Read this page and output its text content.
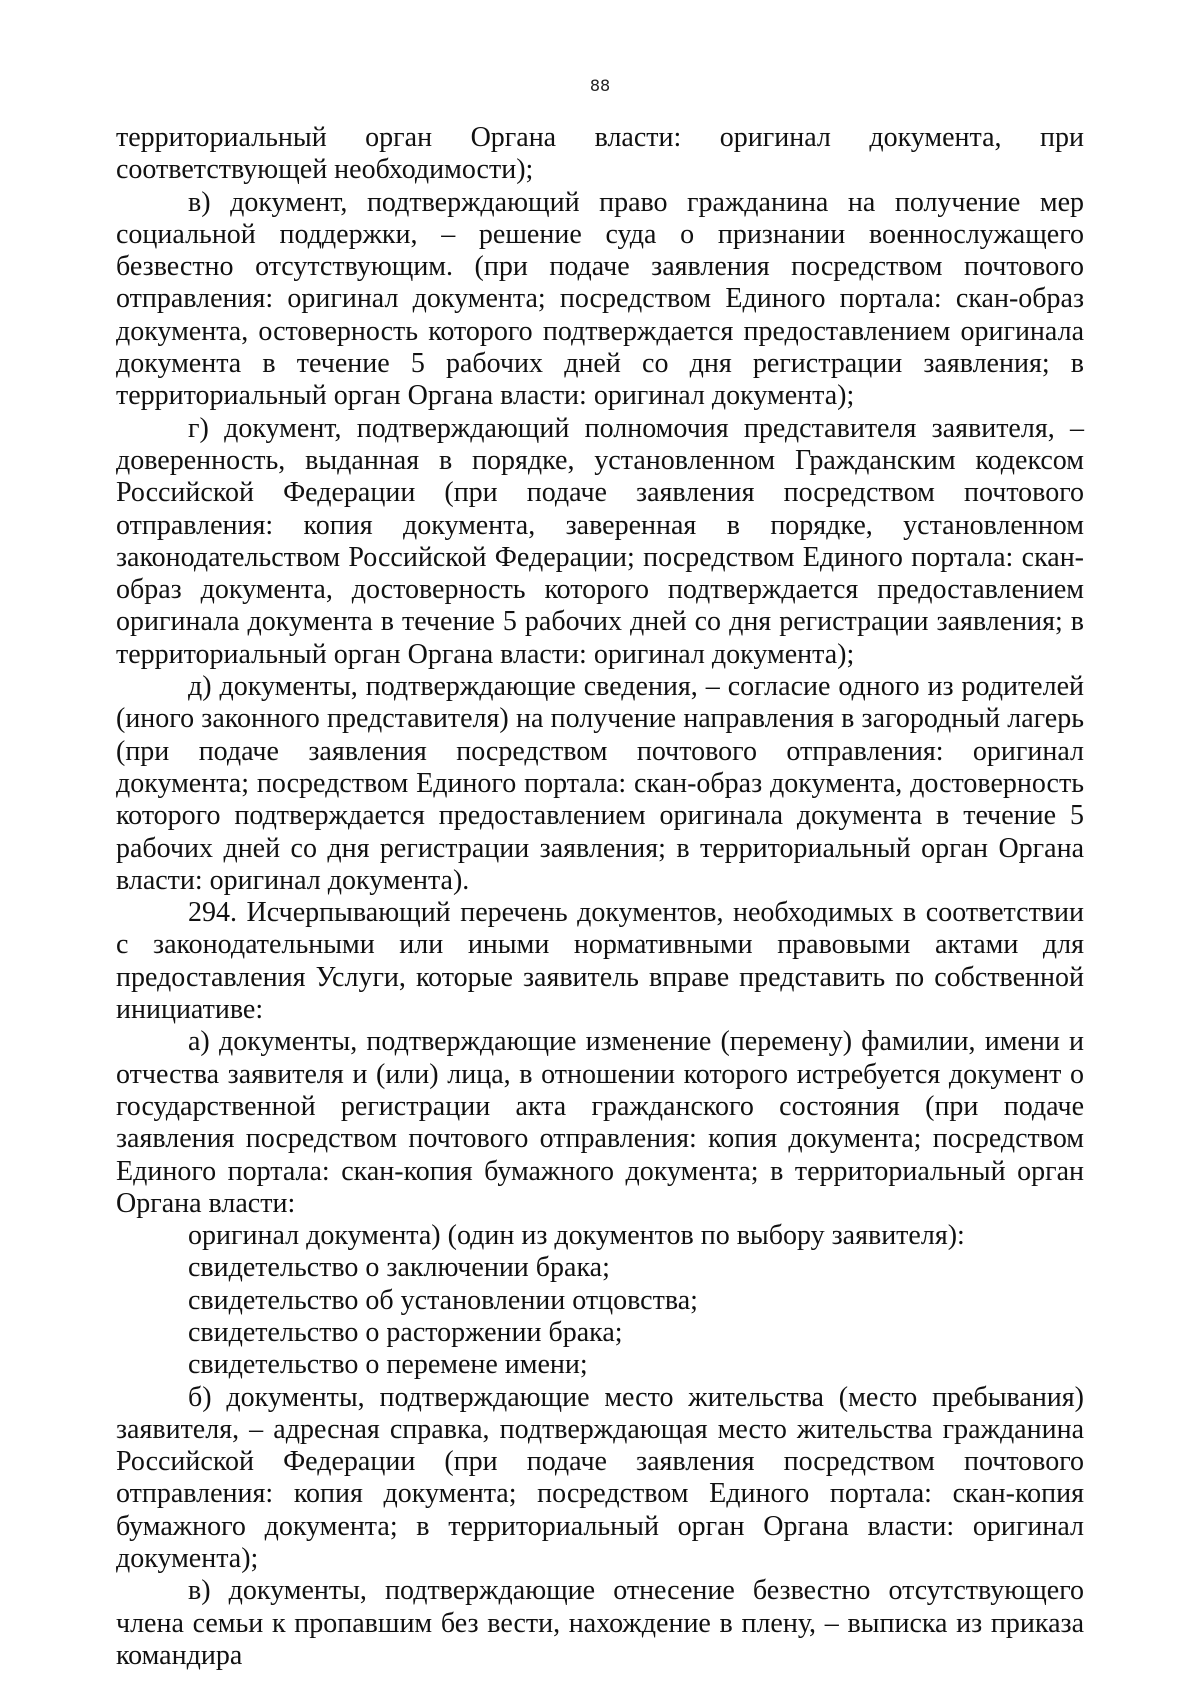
88

территориальный орган Органа власти: оригинал документа, при соответствующей необходимости);

в) документ, подтверждающий право гражданина на получение мер социальной поддержки, – решение суда о признании военнослужащего безвестно отсутствующим. (при подаче заявления посредством почтового отправления: оригинал документа; посредством Единого портала: скан-образ документа, остоверность которого подтверждается предоставлением оригинала документа в течение 5 рабочих дней со дня регистрации заявления; в территориальный орган Органа власти: оригинал документа);

г) документ, подтверждающий полномочия представителя заявителя, – доверенность, выданная в порядке, установленном Гражданским кодексом Российской Федерации (при подаче заявления посредством почтового отправления: копия документа, заверенная в порядке, установленном законодательством Российской Федерации; посредством Единого портала: скан-образ документа, достоверность которого подтверждается предоставлением оригинала документа в течение 5 рабочих дней со дня регистрации заявления; в территориальный орган Органа власти: оригинал документа);

д) документы, подтверждающие сведения, – согласие одного из родителей (иного законного представителя) на получение направления в загородный лагерь (при подаче заявления посредством почтового отправления: оригинал документа; посредством Единого портала: скан-образ документа, достоверность которого подтверждается предоставлением оригинала документа в течение 5 рабочих дней со дня регистрации заявления; в территориальный орган Органа власти: оригинал документа).

294. Исчерпывающий перечень документов, необходимых в соответствии с законодательными или иными нормативными правовыми актами для предоставления Услуги, которые заявитель вправе представить по собственной инициативе:

а) документы, подтверждающие изменение (перемену) фамилии, имени и отчества заявителя и (или) лица, в отношении которого истребуется документ о государственной регистрации акта гражданского состояния (при подаче заявления посредством почтового отправления: копия документа; посредством Единого портала: скан-копия бумажного документа; в территориальный орган Органа власти:

оригинал документа) (один из документов по выбору заявителя):

свидетельство о заключении брака;

свидетельство об установлении отцовства;

свидетельство о расторжении брака;

свидетельство о перемене имени;

б) документы, подтверждающие место жительства (место пребывания) заявителя, – адресная справка, подтверждающая место жительства гражданина Российской Федерации (при подаче заявления посредством почтового отправления: копия документа; посредством Единого портала: скан-копия бумажного документа; в территориальный орган Органа власти: оригинал документа);

в) документы, подтверждающие отнесение безвестно отсутствующего члена семьи к пропавшим без вести, нахождение в плену, – выписка из приказа командира
